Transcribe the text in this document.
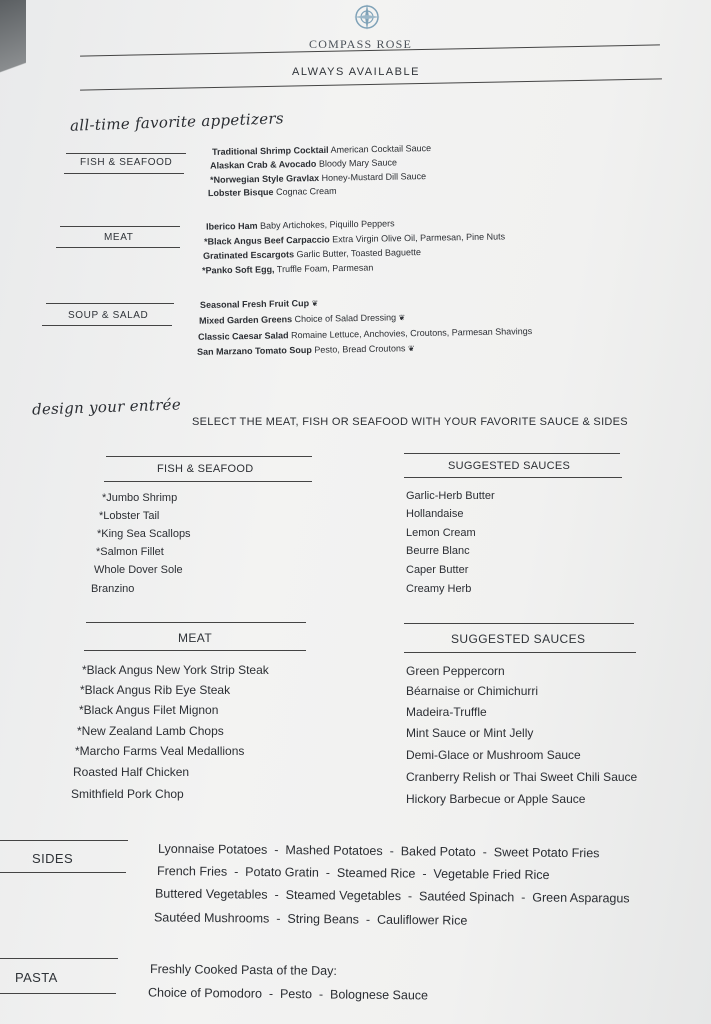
COMPASS ROSE
ALWAYS AVAILABLE
all-time favorite appetizers
FISH & SEAFOOD
Traditional Shrimp Cocktail American Cocktail Sauce
Alaskan Crab & Avocado Bloody Mary Sauce
*Norwegian Style Gravlax Honey-Mustard Dill Sauce
Lobster Bisque Cognac Cream
MEAT
Iberico Ham Baby Artichokes, Piquillo Peppers
*Black Angus Beef Carpaccio Extra Virgin Olive Oil, Parmesan, Pine Nuts
Gratinated Escargots Garlic Butter, Toasted Baguette
*Panko Soft Egg, Truffle Foam, Parmesan
SOUP & SALAD
Seasonal Fresh Fruit Cup ❦
Mixed Garden Greens Choice of Salad Dressing ❦
Classic Caesar Salad Romaine Lettuce, Anchovies, Croutons, Parmesan Shavings
San Marzano Tomato Soup Pesto, Bread Croutons ❦
design your entrée
SELECT THE MEAT, FISH OR SEAFOOD WITH YOUR FAVORITE SAUCE & SIDES
FISH & SEAFOOD	SUGGESTED SAUCES
*Jumbo Shrimp
*Lobster Tail
*King Sea Scallops
*Salmon Fillet
Whole Dover Sole
Branzino
Garlic-Herb Butter
Hollandaise
Lemon Cream
Beurre Blanc
Caper Butter
Creamy Herb
MEAT	SUGGESTED SAUCES
*Black Angus New York Strip Steak
*Black Angus Rib Eye Steak
*Black Angus Filet Mignon
*New Zealand Lamb Chops
*Marcho Farms Veal Medallions
Roasted Half Chicken
Smithfield Pork Chop
Green Peppercorn
Béarnaise or Chimichurri
Madeira-Truffle
Mint Sauce or Mint Jelly
Demi-Glace or Mushroom Sauce
Cranberry Relish or Thai Sweet Chili Sauce
Hickory Barbecue or Apple Sauce
SIDES	Lyonnaise Potatoes  -  Mashed Potatoes  -  Baked Potato  -  Sweet Potato Fries
French Fries  -  Potato Gratin  -  Steamed Rice  -  Vegetable Fried Rice
Buttered Vegetables  -  Steamed Vegetables  -  Sautéed Spinach  -  Green Asparagus
Sautéed Mushrooms  -  String Beans  -  Cauliflower Rice
PASTA	Freshly Cooked Pasta of the Day:
Choice of Pomodoro  -  Pesto  -  Bolognese Sauce
